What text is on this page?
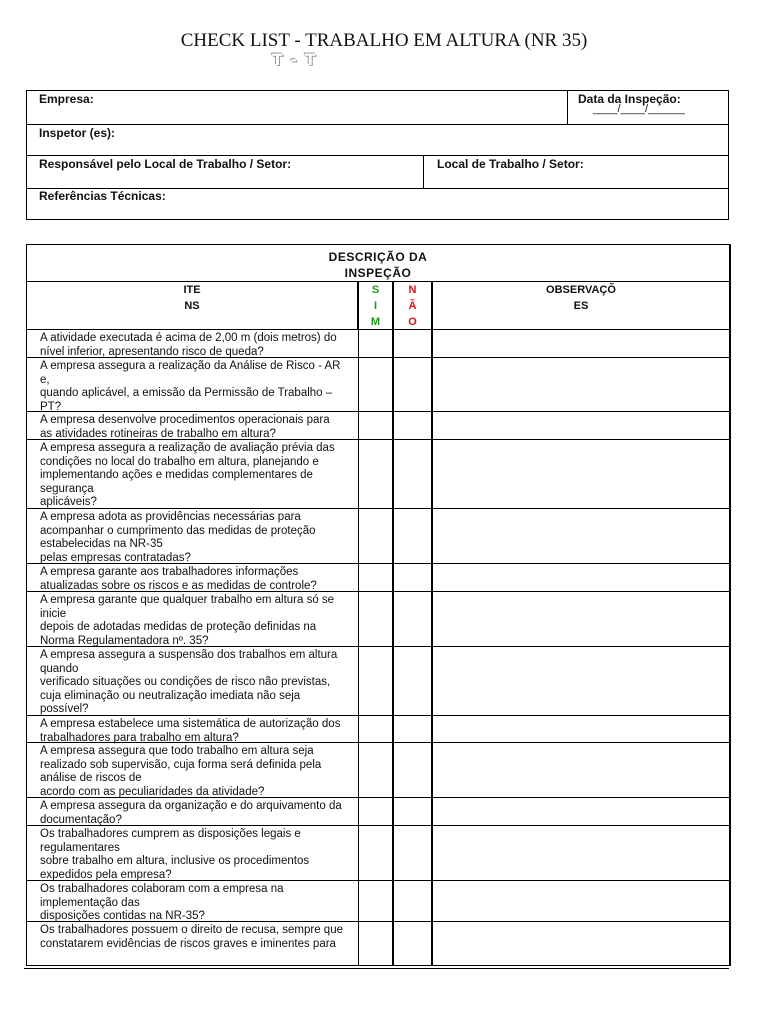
CHECK LIST - TRABALHO EM ALTURA (NR 35)
T - T
Empresa:	Data da Inspeção:
____/____/______
Inspetor (es):
Responsável pelo Local de Trabalho / Setor:	Local de Trabalho / Setor:
Referências Técnicas:
DESCRIÇÃO DA
INSPEÇÃO
ITE
NS
S
I
M
N
Ã
O
OBSERVAÇÕ
ES
A atividade executada é acima de 2,00 m (dois metros) do
nível inferior, apresentando risco de queda?
A empresa assegura a realização da Análise de Risco - AR
e,
quando aplicável, a emissão da Permissão de Trabalho –
PT?
A empresa desenvolve procedimentos operacionais para
as atividades rotineiras de trabalho em altura?
A empresa assegura a realização de avaliação prévia das
condições no local do trabalho em altura, planejando e
implementando ações e medidas complementares de
segurança
aplicáveis?
A empresa adota as providências necessárias para
acompanhar o cumprimento das medidas de proteção
estabelecidas na NR-35
pelas empresas contratadas?
A empresa garante aos trabalhadores informações
atualizadas sobre os riscos e as medidas de controle?
A empresa garante que qualquer trabalho em altura só se
inicie
depois de adotadas medidas de proteção definidas na
Norma Regulamentadora nº. 35?
A empresa assegura a suspensão dos trabalhos em altura
quando
verificado situações ou condições de risco não previstas,
cuja eliminação ou neutralização imediata não seja
possível?
A empresa estabelece uma sistemática de autorização dos
trabalhadores para trabalho em altura?
A empresa assegura que todo trabalho em altura seja
realizado sob supervisão, cuja forma será definida pela
análise de riscos de
acordo com as peculiaridades da atividade?
A empresa assegura da organização e do arquivamento da
documentação?
Os trabalhadores cumprem as disposições legais e
regulamentares
sobre trabalho em altura, inclusive os procedimentos
expedidos pela empresa?
Os trabalhadores colaboram com a empresa na
implementação das
disposições contidas na NR-35?
Os trabalhadores possuem o direito de recusa, sempre que
constatarem evidências de riscos graves e iminentes para
